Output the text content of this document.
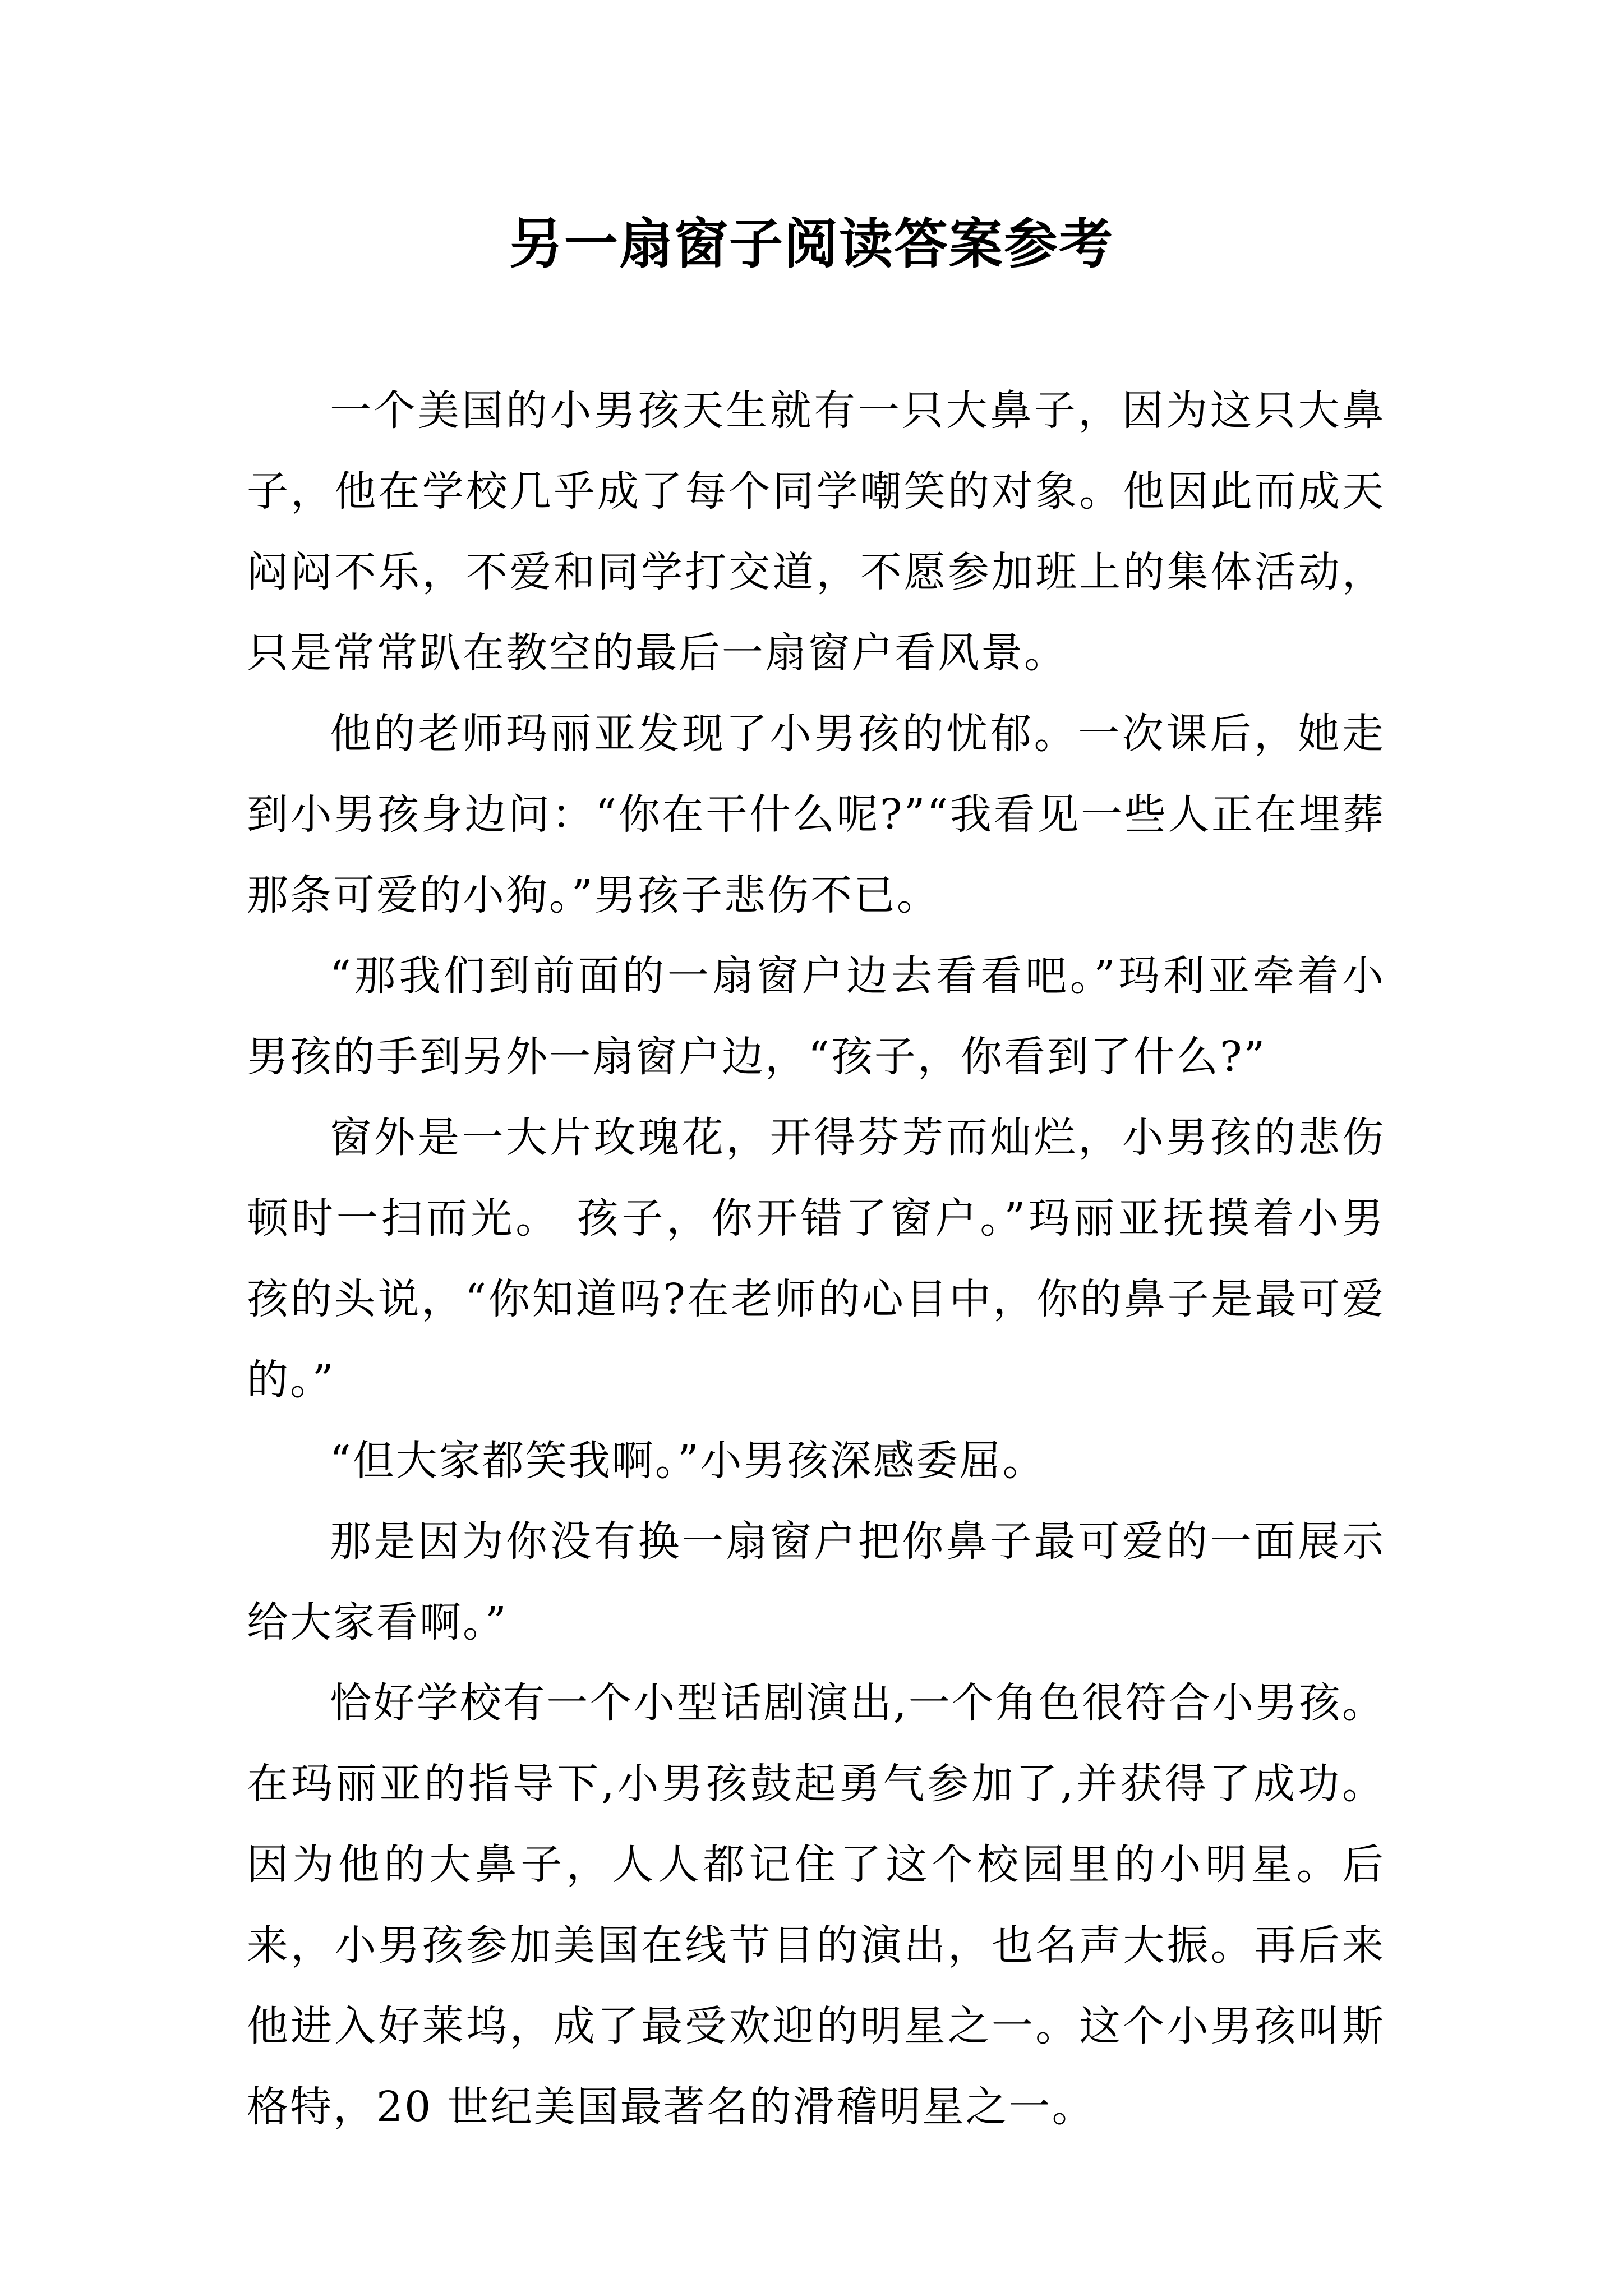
另一扇窗子阅读答案参考

一个美国的小男孩天生就有一只大鼻子，因为这只大鼻子，他在学校几乎成了每个同学嘲笑的对象。他因此而成天闷闷不乐，不爱和同学打交道，不愿参加班上的集体活动，只是常常趴在教空的最后一扇窗户看风景。

他的老师玛丽亚发现了小男孩的忧郁。一次课后，她走到小男孩身边问：“你在干什么呢?”“我看见一些人正在埋葬那条可爱的小狗。”男孩子悲伤不已。

“那我们到前面的一扇窗户边去看看吧。”玛利亚牵着小男孩的手到另外一扇窗户边，“孩子，你看到了什么?”

窗外是一大片玫瑰花，开得芬芳而灿烂，小男孩的悲伤顿时一扫而光。 孩子，你开错了窗户。”玛丽亚抚摸着小男孩的头说，“你知道吗?在老师的心目中，你的鼻子是最可爱的。”

“但大家都笑我啊。”小男孩深感委屈。

那是因为你没有换一扇窗户把你鼻子最可爱的一面展示给大家看啊。”

恰好学校有一个小型话剧演出,一个角色很符合小男孩。在玛丽亚的指导下,小男孩鼓起勇气参加了,并获得了成功。因为他的大鼻子，人人都记住了这个校园里的小明星。后来，小男孩参加美国在线节目的演出，也名声大振。再后来他进入好莱坞，成了最受欢迎的明星之一。这个小男孩叫斯格特，20 世纪美国最著名的滑稽明星之一。
